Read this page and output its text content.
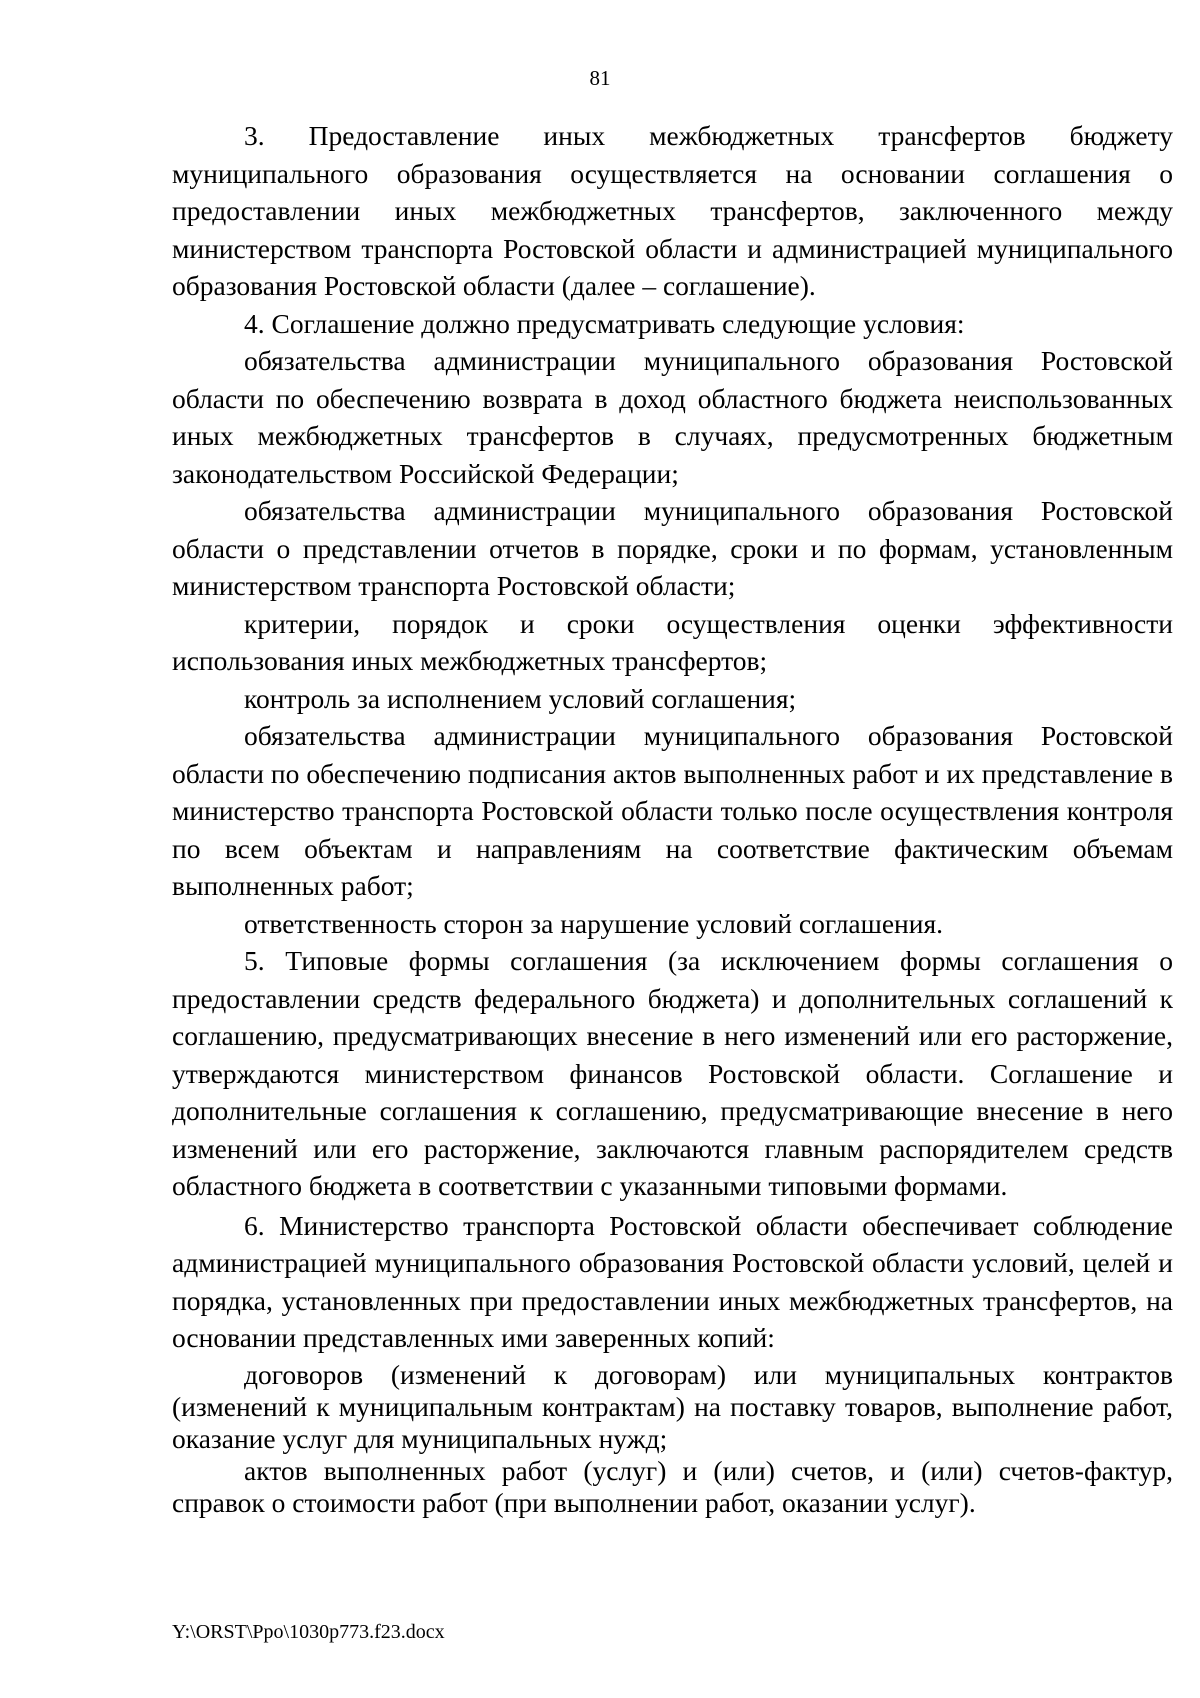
81

3. Предоставление иных межбюджетных трансфертов бюджету муниципального образования осуществляется на основании соглашения о предоставлении иных межбюджетных трансфертов, заключенного между министерством транспорта Ростовской области и администрацией муниципального образования Ростовской области (далее – соглашение).

4. Соглашение должно предусматривать следующие условия:

обязательства администрации муниципального образования Ростовской области по обеспечению возврата в доход областного бюджета неиспользованных иных межбюджетных трансфертов в случаях, предусмотренных бюджетным законодательством Российской Федерации;

обязательства администрации муниципального образования Ростовской области о представлении отчетов в порядке, сроки и по формам, установленным министерством транспорта Ростовской области;

критерии, порядок и сроки осуществления оценки эффективности использования иных межбюджетных трансфертов;

контроль за исполнением условий соглашения;

обязательства администрации муниципального образования Ростовской области по обеспечению подписания актов выполненных работ и их представление в министерство транспорта Ростовской области только после осуществления контроля по всем объектам и направлениям на соответствие фактическим объемам выполненных работ;

ответственность сторон за нарушение условий соглашения.

5. Типовые формы соглашения (за исключением формы соглашения о предоставлении средств федерального бюджета) и дополнительных соглашений к соглашению, предусматривающих внесение в него изменений или его расторжение, утверждаются министерством финансов Ростовской области. Соглашение и дополнительные соглашения к соглашению, предусматривающие внесение в него изменений или его расторжение, заключаются главным распорядителем средств областного бюджета в соответствии с указанными типовыми формами.

6. Министерство транспорта Ростовской области обеспечивает соблюдение администрацией муниципального образования Ростовской области условий, целей и порядка, установленных при предоставлении иных межбюджетных трансфертов, на основании представленных ими заверенных копий:

договоров (изменений к договорам) или муниципальных контрактов (изменений к муниципальным контрактам) на поставку товаров, выполнение работ, оказание услуг для муниципальных нужд;

актов выполненных работ (услуг) и (или) счетов, и (или) счетов-фактур, справок о стоимости работ (при выполнении работ, оказании услуг).

Y:\ORST\Ppo\1030p773.f23.docx
